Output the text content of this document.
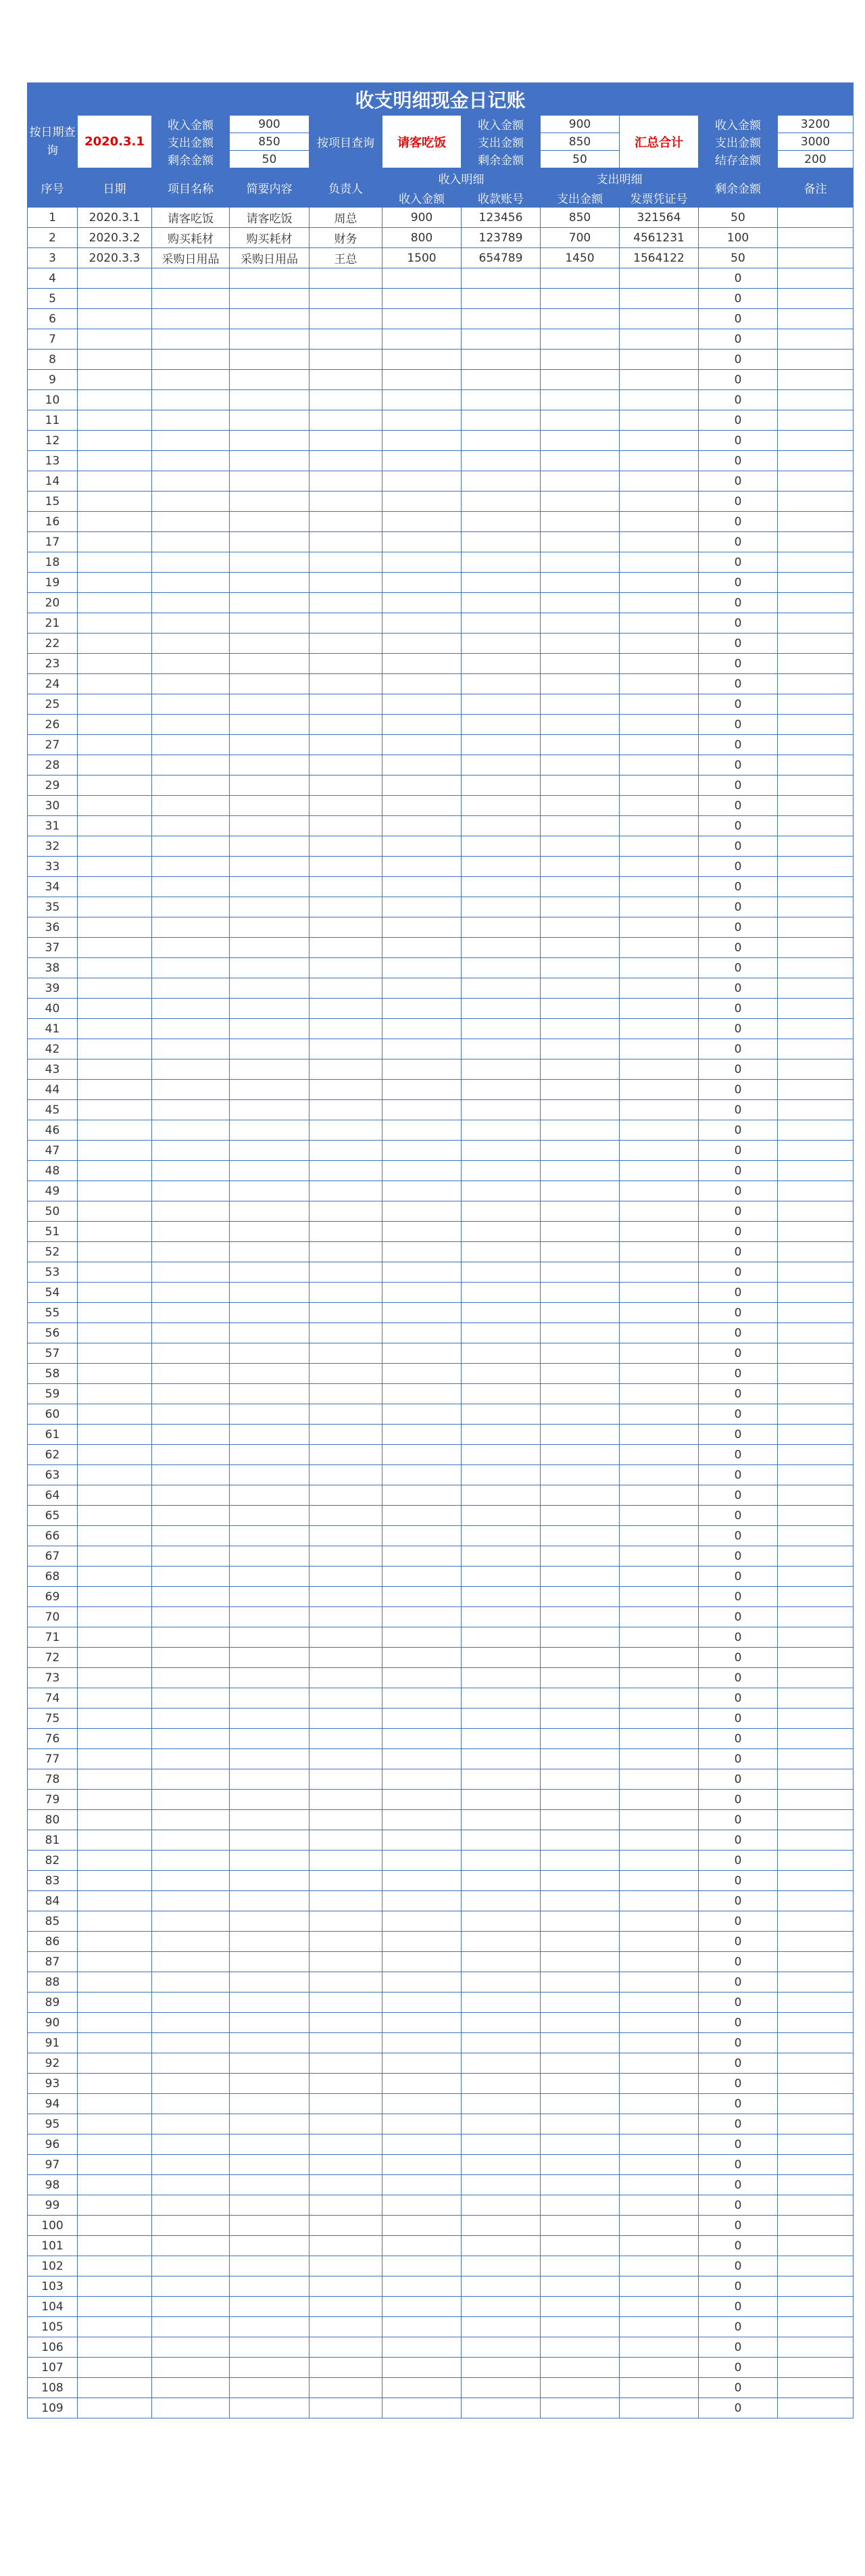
收支明细现金日记账										
按日期查询	2020.3.1	收入金额	900	按项目查询	请客吃饭	收入金额	900	汇总合计	收入金额	3200
		支出金额	850			支出金额	850		支出金额	3000
		剩余金额	50			剩余金额	50		结存金额	200
序号	日期	项目名称	简要内容	负责人	收入明细		支出明细		剩余金额	备注
					收入金额	收款账号	支出金额	发票凭证号		
1	2020.3.1	请客吃饭	请客吃饭	周总	900	123456	850	321564	50	
2	2020.3.2	购买耗材	购买耗材	财务	800	123789	700	4561231	100	
3	2020.3.3	采购日用品	采购日用品	王总	1500	654789	1450	1564122	50	
4									0	
5									0	
6									0	
7									0	
8									0	
9									0	
10									0	
11									0	
12									0	
13									0	
14									0	
15									0	
16									0	
17									0	
18									0	
19									0	
20									0	
21									0	
22									0	
23									0	
24									0	
25									0	
26									0	
27									0	
28									0	
29									0	
30									0	
31									0	
32									0	
33									0	
34									0	
35									0	
36									0	
37									0	
38									0	
39									0	
40									0	
41									0	
42									0	
43									0	
44									0	
45									0	
46									0	
47									0	
48									0	
49									0	
50									0	
51									0	
52									0	
53									0	
54									0	
55									0	
56									0	
57									0	
58									0	
59									0	
60									0	
61									0	
62									0	
63									0	
64									0	
65									0	
66									0	
67									0	
68									0	
69									0	
70									0	
71									0	
72									0	
73									0	
74									0	
75									0	
76									0	
77									0	
78									0	
79									0	
80									0	
81									0	
82									0	
83									0	
84									0	
85									0	
86									0	
87									0	
88									0	
89									0	
90									0	
91									0	
92									0	
93									0	
94									0	
95									0	
96									0	
97									0	
98									0	
99									0	
100									0	
101									0	
102									0	
103									0	
104									0	
105									0	
106									0	
107									0	
108									0	
109									0	
